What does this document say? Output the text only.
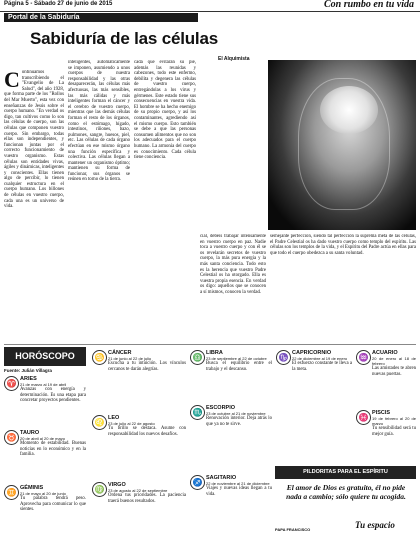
Página 5 - Sábado 27 de junio de 2015	Con rumbo en tu vida
Portal de la Sabiduría
Sabiduría de las células
El Alquimista
C ontinuamos transcribiendo el "Evangelio de La Salud", del año 1928, que forma parte de los "Rollos del Mar Muerto", esta vez con enseñanzas de Jesús sobre el cuerpo humano. "En verdad os digo, tan cultivos como lo son las células de cuerpo, son las células que componen vuestro cuerpo. Sin embargo, todas ellas son independientes, y funcionan juntas por el correcto funcionamiento de vuestro organismo. Estas células son entidades vivas, ágiles y dinámicas, inteligentes y conscientes. Ellas tienen algo de percibir, lo tienen cualquier estructura en el cuerpo humano. Los billones de células en vuestro cuerpo, cada una es un universo de vida.
inteligentes, automáticamente se imponen, asumiendo a unos cuerpos de nuestra responsabilidad y las otras desaparecerán, las células más afectuosas, las más sensibles, las más cálidas y más inteligentes forman el cáncer y el cerebro de vuestro cuerpo, mientras que las demás células forman el resto de los órganos, como el estómago, hígado, intestinos, riñones, bazo, pulmones, sangre, huesos, piel, etc. Las células de cada órgano efectúan en ese mismo órgano una función específica y colectiva. Las células llegan a mantener un organismo óptimo; mantienen su forma de funcionar, sus órganos se reúnen en torno de la tierra.
cada que evitaran su pie, además las reunidas y cabezones, todo este enfermo, debilita y degenera las células de vuestro cuerpo, entregándolas a los virus y gérmenes. Este estado tiene sus consecuencias en vuestra vida. El hombre se ha hecho enemigo de su propio cuerpo, y así los contaminantes, agrediendo así el mismo cuerpo. Esto también se debe a que las personas consumen alimentos que no son los adecuados para el cuerpo humano. La armonía del cuerpo es conocimiento. Cada célula tiene conciencia.
cial, debéis trabajar intensamente en vuestro cuerpo en paz. Nadie toca a vuestro cuerpo y con él se os revelarán secretos de vuestro cuerpo, la más pura energía y la más santa conciencia. Todo esto es la herencia que vuestro Padre Celestial os ha otorgado. Ella es vuestra propia esencia. En verdad os digo: aquellos que se conocen a sí mismos, conocen la verdad.
semejante perfección, siendo tal perfección la suprema meta de las células, el Padre Celestial os ha dado vuestro cuerpo como templo del espíritu. Las células son los templos de la vida, y el Espíritu del Padre actúa en ellas para que todo el cuerpo obedezca a su santa voluntad.
HORÓSCOPO
Fuente: Julián Villagra
ARIES
21 de marzo al 19 de abril
Avanzas con energía y determinación. Es una etapa para concretar proyectos pendientes.
♈
TAURO
20 de abril al 20 de mayo
Momento de estabilidad. Buenas noticias en lo económico y en la familia.
♉
GÉMINIS
21 de mayo al 20 de junio
Tu palabra tendrá peso. Aprovecha para comunicar lo que sientes.
♊
CÁNCER
21 de junio al 22 de julio
Escucha a tu intuición. Los vínculos cercanos te darán alegrías.
♋
LEO
23 de julio al 22 de agosto
Tu brillo se destaca. Asume con responsabilidad los nuevos desafíos.
♌
VIRGO
23 de agosto al 22 de septiembre
Ordena tus prioridades. La paciencia traerá buenos resultados.
♍
LIBRA
23 de septiembre al 22 de octubre
Busca el equilibrio entre el trabajo y el descanso.
♎
ESCORPIO
23 de octubre al 21 de noviembre
Renovación interior. Deja atrás lo que ya no te sirve.
♏
SAGITARIO
22 de noviembre al 21 de diciembre
Viajes y nuevas ideas llegan a tu vida.
♐
CAPRICORNIO
22 de diciembre al 19 de enero
El esfuerzo constante te lleva a la meta.
♑	ACUARIO
20 de enero al 18 de febrero
Las amistades te abren nuevas puertas.
♒
PISCIS
19 de febrero al 20 de marzo
Tu sensibilidad será tu mejor guía.
♓
PILDORITAS PARA EL ESPÍRITU
El amor de Dios es gratuito, él no pide nada a cambio; sólo quiere tu acogida.
PAPA FRANCISCO	Tu espacio
